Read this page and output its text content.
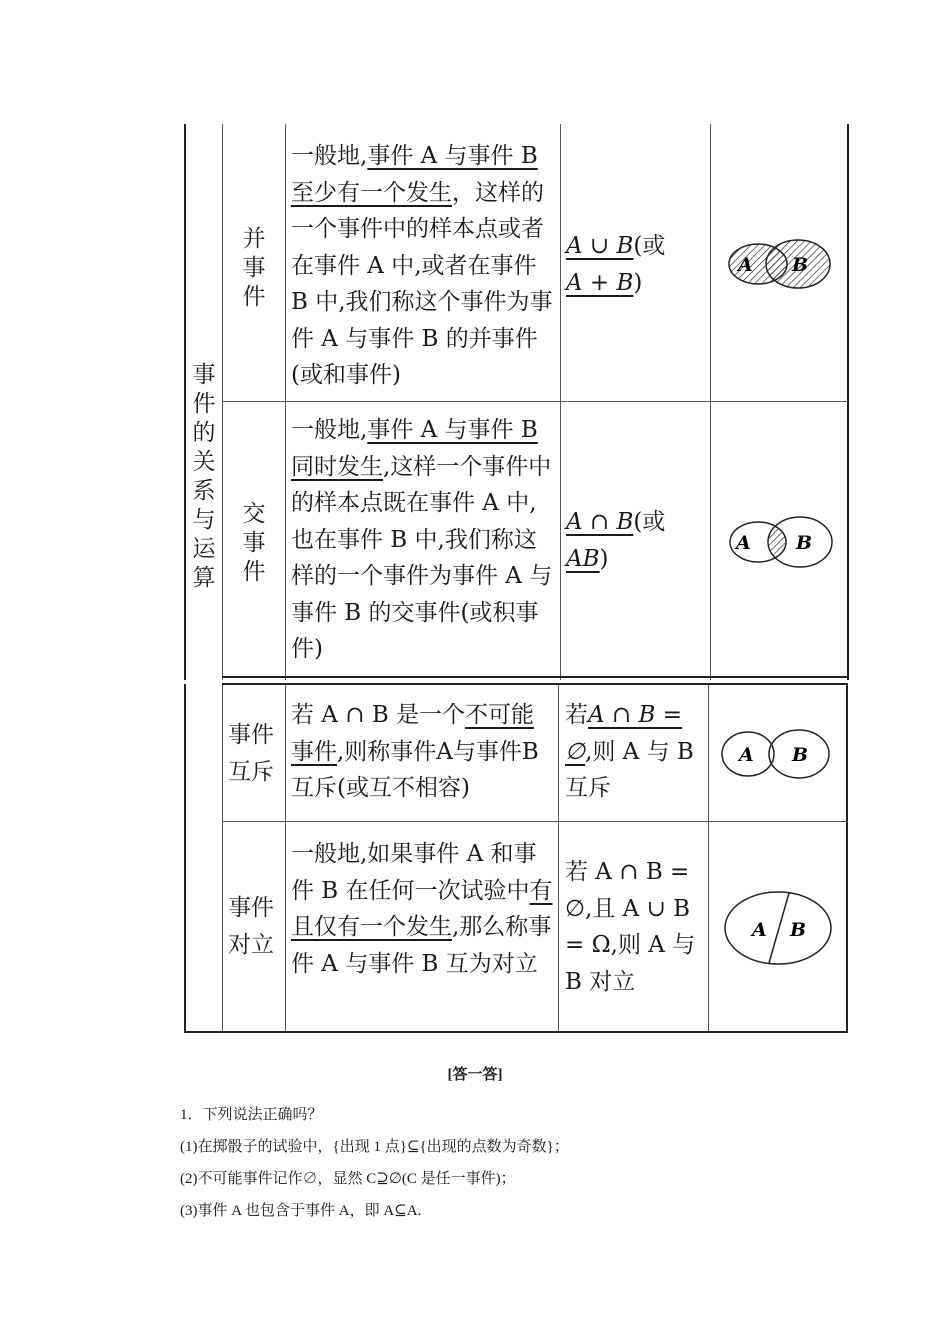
事件的关系与运算
并事件
一般地,事件 A 与事件 B 至少有一个发生，这样的一个事件中的样本点或者在事件 A 中,或者在事件 B 中,我们称这个事件为事件 A 与事件 B 的并事件(或和事件)
A ∪ B(或
A + B)
A B
交事件
一般地,事件 A 与事件 B 同时发生,这样一个事件中的样本点既在事件 A 中,也在事件 B 中,我们称这样的一个事件为事件 A 与事件 B 的交事件(或积事件)
A ∩ B(或
AB)
A B
事件互斥
若 A ∩ B 是一个不可能事件,则称事件A与事件B互斥(或互不相容)
若A ∩ B = ∅,则 A 与 B 互斥
A B
事件对立
一般地,如果事件 A 和事件 B 在任何一次试验中有且仅有一个发生,那么称事件 A 与事件 B 互为对立
若 A ∩ B = ∅,且 A ∪ B = Ω,则 A 与 B 对立
A B
[答一答]
1．下列说法正确吗？
(1)在掷骰子的试验中，{出现 1 点}⊆{出现的点数为奇数}；
(2)不可能事件记作∅，显然 C⊇∅(C 是任一事件)；
(3)事件 A 也包含于事件 A，即 A⊆A.
